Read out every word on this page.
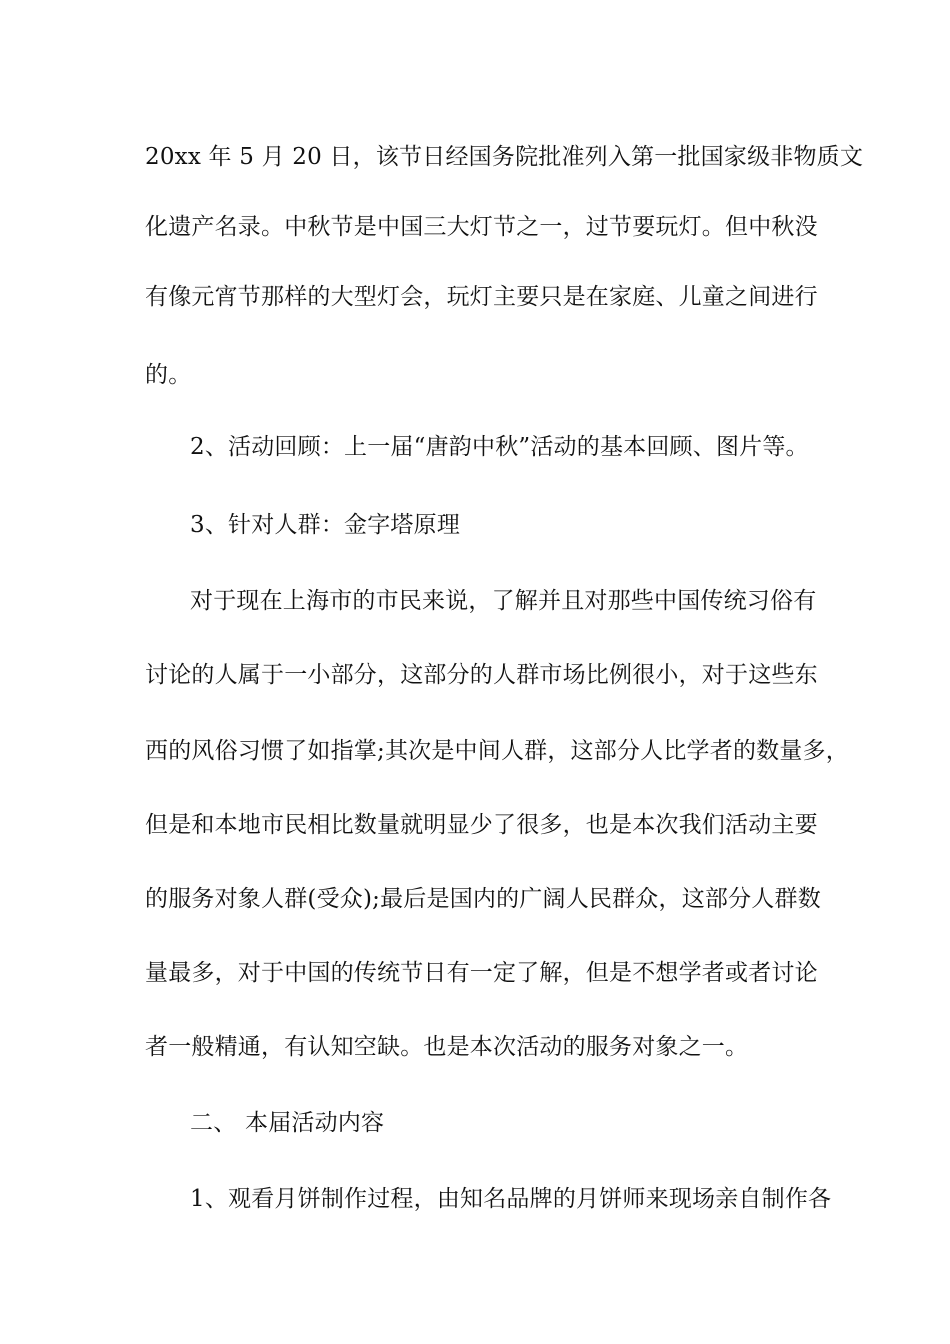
20xx 年 5 月 20 日，该节日经国务院批准列入第一批国家级非物质文
化遗产名录。中秋节是中国三大灯节之一，过节要玩灯。但中秋没
有像元宵节那样的大型灯会，玩灯主要只是在家庭、儿童之间进行
的。
2、活动回顾：上一届“唐韵中秋”活动的基本回顾、图片等。
3、针对人群：金字塔原理
对于现在上海市的市民来说，了解并且对那些中国传统习俗有
讨论的人属于一小部分，这部分的人群市场比例很小，对于这些东
西的风俗习惯了如指掌;其次是中间人群，这部分人比学者的数量多，
但是和本地市民相比数量就明显少了很多，也是本次我们活动主要
的服务对象人群(受众);最后是国内的广阔人民群众，这部分人群数
量最多，对于中国的传统节日有一定了解，但是不想学者或者讨论
者一般精通，有认知空缺。也是本次活动的服务对象之一。
二、 本届活动内容
1、观看月饼制作过程，由知名品牌的月饼师来现场亲自制作各
